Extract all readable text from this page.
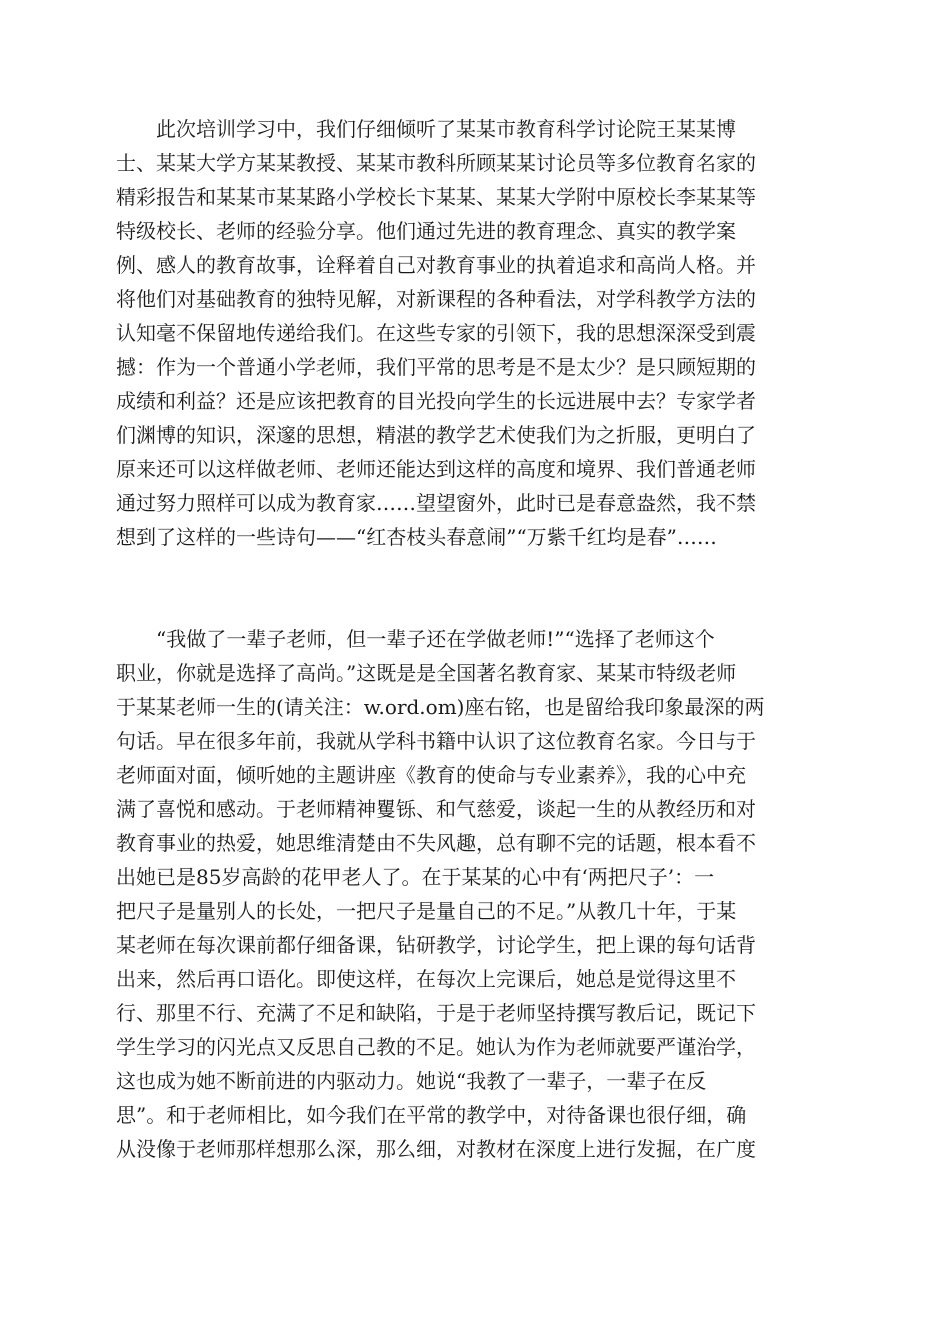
　　此次培训学习中，我们仔细倾听了某某市教育科学讨论院王某某博
士、某某大学方某某教授、某某市教科所顾某某讨论员等多位教育名家的
精彩报告和某某市某某路小学校长卞某某、某某大学附中原校长李某某等
特级校长、老师的经验分享。他们通过先进的教育理念、真实的教学案
例、感人的教育故事，诠释着自己对教育事业的执着追求和高尚人格。并
将他们对基础教育的独特见解，对新课程的各种看法，对学科教学方法的
认知毫不保留地传递给我们。在这些专家的引领下，我的思想深深受到震
撼：作为一个普通小学老师，我们平常的思考是不是太少？是只顾短期的
成绩和利益？还是应该把教育的目光投向学生的长远进展中去？专家学者
们渊博的知识，深邃的思想，精湛的教学艺术使我们为之折服，更明白了
原来还可以这样做老师、老师还能达到这样的高度和境界、我们普通老师
通过努力照样可以成为教育家……望望窗外，此时已是春意盎然，我不禁
想到了这样的一些诗句——“红杏枝头春意闹”“万紫千红均是春”……
　　“我做了一辈子老师，但一辈子还在学做老师!”“选择了老师这个
职业，你就是选择了高尚。”这既是是全国著名教育家、某某市特级老师
于某某老师一生的(请关注：w.ord.om)座右铭，也是留给我印象最深的两
句话。早在很多年前，我就从学科书籍中认识了这位教育名家。今日与于
老师面对面，倾听她的主题讲座《教育的使命与专业素养》，我的心中充
满了喜悦和感动。于老师精神矍铄、和气慈爱，谈起一生的从教经历和对
教育事业的热爱，她思维清楚由不失风趣，总有聊不完的话题，根本看不
出她已是85岁高龄的花甲老人了。在于某某的心中有‘两把尺子’：一
把尺子是量别人的长处，一把尺子是量自己的不足。”从教几十年，于某
某老师在每次课前都仔细备课，钻研教学，讨论学生，把上课的每句话背
出来，然后再口语化。即使这样，在每次上完课后，她总是觉得这里不
行、那里不行、充满了不足和缺陷，于是于老师坚持撰写教后记，既记下
学生学习的闪光点又反思自己教的不足。她认为作为老师就要严谨治学，
这也成为她不断前进的内驱动力。她说“我教了一辈子，一辈子在反
思”。和于老师相比，如今我们在平常的教学中，对待备课也很仔细，确
从没像于老师那样想那么深，那么细，对教材在深度上进行发掘，在广度
